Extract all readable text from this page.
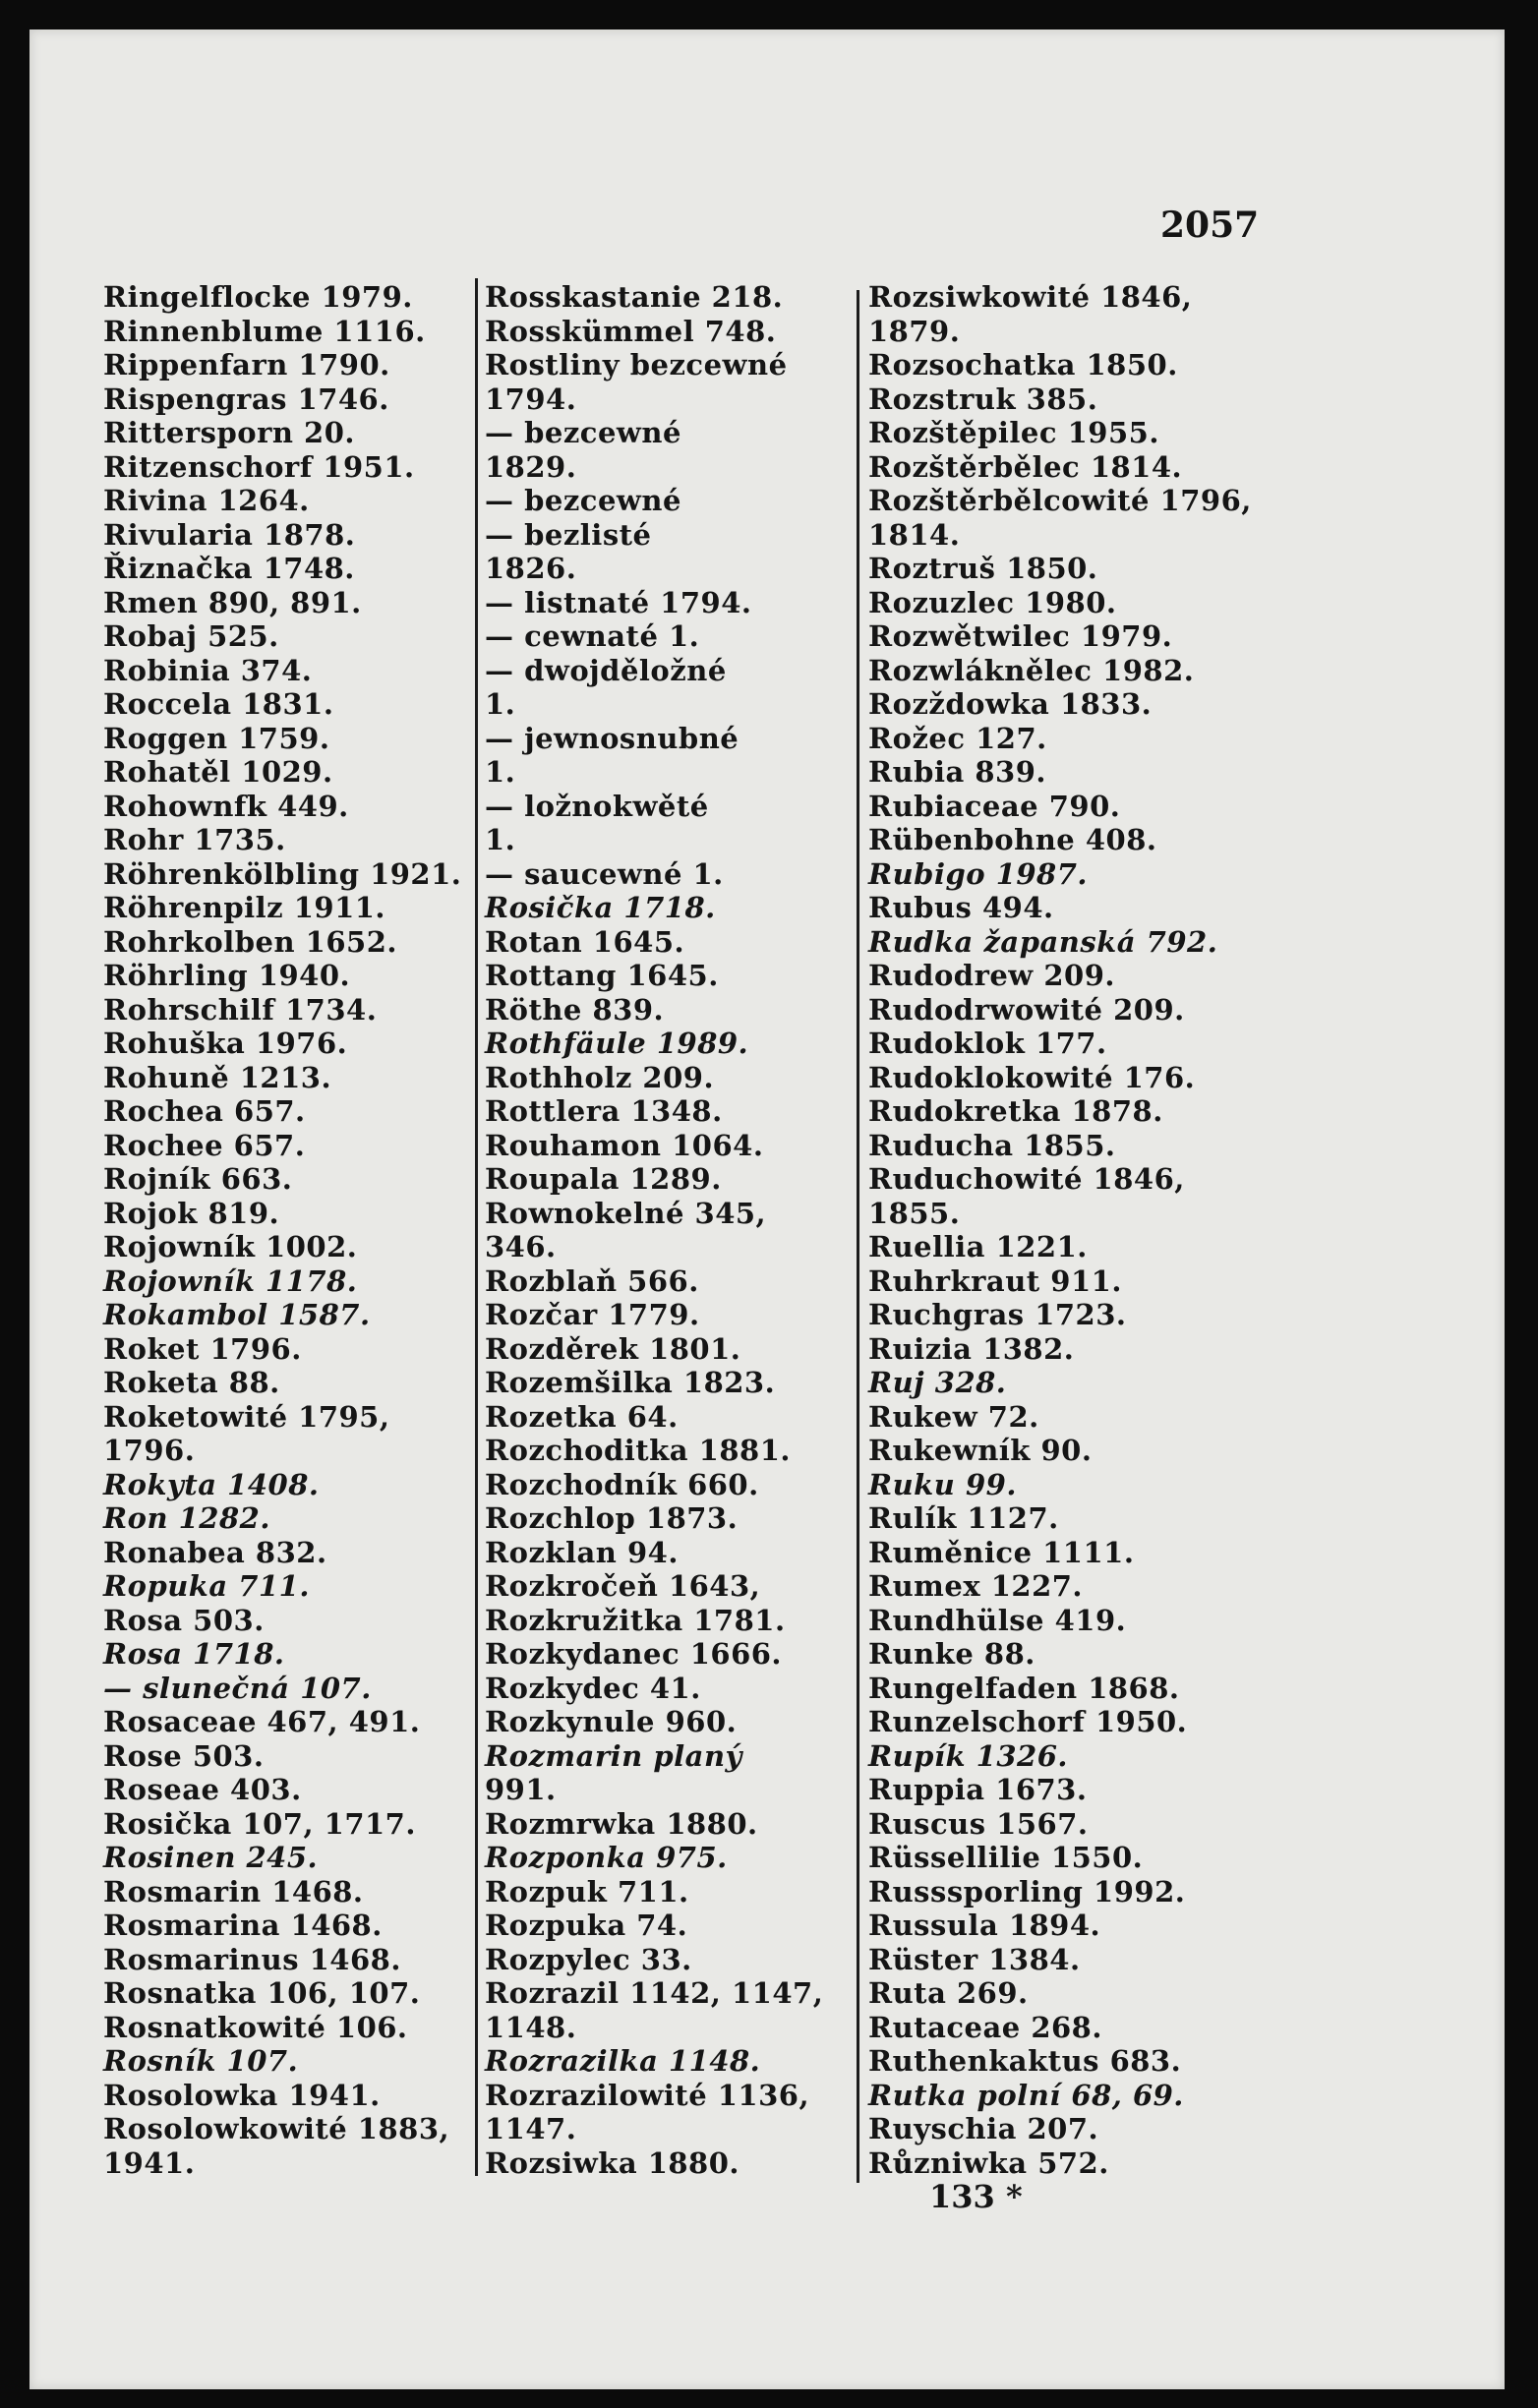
2057
Ringelflocke 1979.
Rinnenblume 1116.
Rippenfarn 1790.
Rispengras 1746.
Rittersporn 20.
Ritzenschorf 1951.
Rivina 1264.
Rivularia 1878.
Řiznačka 1748.
Rmen 890, 891.
Robaj 525.
Robinia 374.
Roccela 1831.
Roggen 1759.
Rohatěl 1029.
Rohownfk 449.
Rohr 1735.
Röhrenkölbling 1921.
Röhrenpilz 1911.
Rohrkolben 1652.
Röhrling 1940.
Rohrschilf 1734.
Rohuška 1976.
Rohuně 1213.
Rochea 657.
Rochee 657.
Rojník 663.
Rojok 819.
Rojowník 1002.
Rojowník 1178.
Rokambol 1587.
Roket 1796.
Roketa 88.
Roketowité 1795,
1796.
Rokyta 1408.
Ron 1282.
Ronabea 832.
Ropuka 711.
Rosa 503.
Rosa 1718.
— slunečná 107.
Rosaceae 467, 491.
Rose 503.
Roseae 403.
Rosička 107, 1717.
Rosinen 245.
Rosmarin 1468.
Rosmarina 1468.
Rosmarinus 1468.
Rosnatka 106, 107.
Rosnatkowité 106.
Rosník 107.
Rosolowka 1941.
Rosolowkowité 1883,
1941.
Rosskastanie 218.
Rosskümmel 748.
Rostliny bezcewné
1794.
— bezcewné
1829.
— bezcewné
— bezlisté
1826.
— listnaté 1794.
— cewnaté 1.
— dwojděložné
1.
— jewnosnubné
1.
— ložnokwěté
1.
— saucewné 1.
Rosička 1718.
Rotan 1645.
Rottang 1645.
Röthe 839.
Rothfäule 1989.
Rothholz 209.
Rottlera 1348.
Rouhamon 1064.
Roupala 1289.
Rownokelné 345,
346.
Rozblaň 566.
Rozčar 1779.
Rozděrek 1801.
Rozemšilka 1823.
Rozetka 64.
Rozchoditka 1881.
Rozchodník 660.
Rozchlop 1873.
Rozklan 94.
Rozkročeň 1643,
Rozkružitka 1781.
Rozkydanec 1666.
Rozkydec 41.
Rozkynule 960.
Rozmarin planý
991.
Rozmrwka 1880.
Rozponka 975.
Rozpuk 711.
Rozpuka 74.
Rozpylec 33.
Rozrazil 1142, 1147,
1148.
Rozrazilka 1148.
Rozrazilowité 1136,
1147.
Rozsiwka 1880.
Rozsiwkowité 1846,
1879.
Rozsochatka 1850.
Rozstruk 385.
Rozštěpilec 1955.
Rozštěrbělec 1814.
Rozštěrbělcowité 1796,
1814.
Roztruš 1850.
Rozuzlec 1980.
Rozwětwilec 1979.
Rozwlákněleс 1982.
Rozždowka 1833.
Rožec 127.
Rubia 839.
Rubiaceae 790.
Rübenbohne 408.
Rubigo 1987.
Rubus 494.
Rudka žapanská 792.
Rudodrew 209.
Rudodrwowité 209.
Rudoklok 177.
Rudoklokowité 176.
Rudokretka 1878.
Ruducha 1855.
Ruduchowité 1846,
1855.
Ruellia 1221.
Ruhrkraut 911.
Ruchgras 1723.
Ruizia 1382.
Ruj 328.
Rukew 72.
Rukewník 90.
Ruku 99.
Rulík 1127.
Ruměnice 1111.
Rumex 1227.
Rundhülse 419.
Runke 88.
Rungelfaden 1868.
Runzelschorf 1950.
Rupík 1326.
Ruppia 1673.
Ruscus 1567.
Rüssellilie 1550.
Russsporling 1992.
Russula 1894.
Rüster 1384.
Ruta 269.
Rutaceae 268.
Ruthenkaktus 683.
Rutka polní 68, 69.
Ruyschia 207.
Různiwka 572.
133 *
